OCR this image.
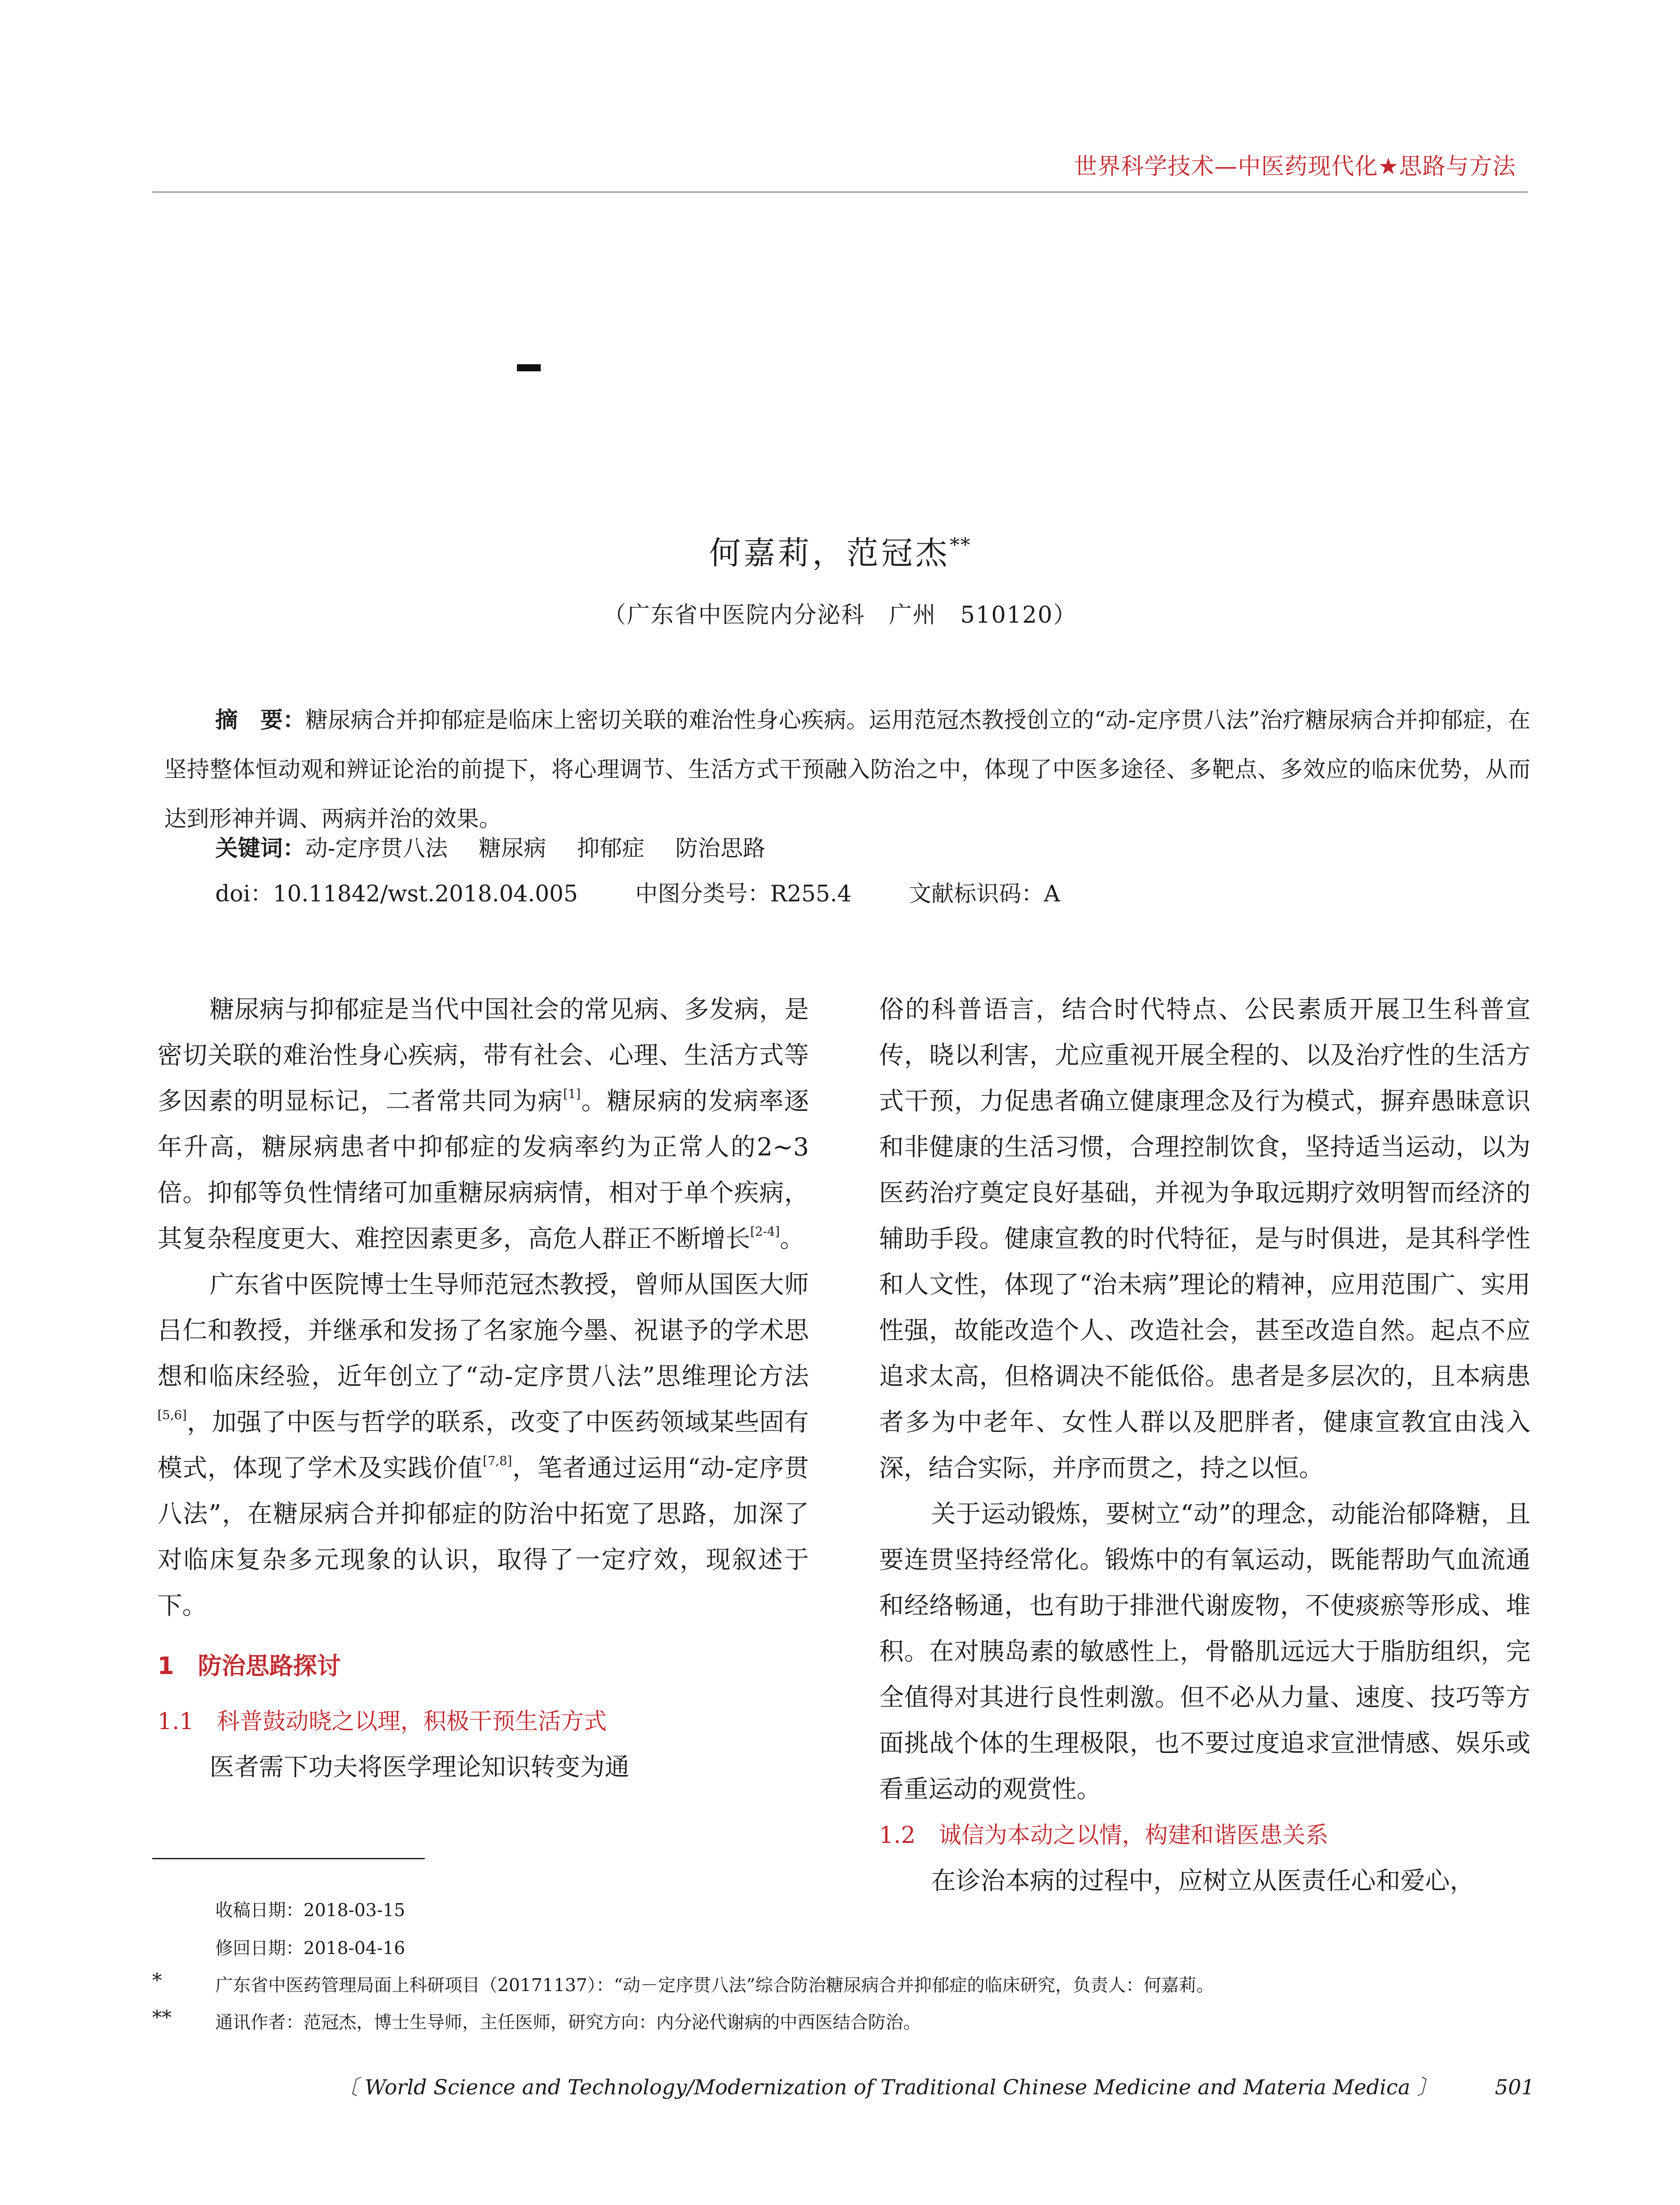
世界科学技术—中医药现代化★思路与方法
何嘉莉，范冠杰**
（广东省中医院内分泌科　广州　510120）
摘　要：糖尿病合并抑郁症是临床上密切关联的难治性身心疾病。运用范冠杰教授创立的“动-定序贯八法”治疗糖尿病合并抑郁症，在坚持整体恒动观和辨证论治的前提下，将心理调节、生活方式干预融入防治之中，体现了中医多途径、多靶点、多效应的临床优势，从而达到形神并调、两病并治的效果。
关键词：动-定序贯八法 糖尿病 抑郁症 防治思路
doi：10.11842/wst.2018.04.005	中图分类号：R255.4	文献标识码：A

糖尿病与抑郁症是当代中国社会的常见病、多发病，是密切关联的难治性身心疾病，带有社会、心理、生活方式等多因素的明显标记，二者常共同为病[1]。糖尿病的发病率逐年升高，糖尿病患者中抑郁症的发病率约为正常人的2~3倍。抑郁等负性情绪可加重糖尿病病情，相对于单个疾病，其复杂程度更大、难控因素更多，高危人群正不断增长[2-4]。

广东省中医院博士生导师范冠杰教授，曾师从国医大师吕仁和教授，并继承和发扬了名家施今墨、祝谌予的学术思想和临床经验，近年创立了“动-定序贯八法”思维理论方法[5,6]，加强了中医与哲学的联系，改变了中医药领域某些固有模式，体现了学术及实践价值[7,8]，笔者通过运用“动-定序贯八法”，在糖尿病合并抑郁症的防治中拓宽了思路，加深了对临床复杂多元现象的认识，取得了一定疗效，现叙述于下。

1　防治思路探讨

1.1　科普鼓动晓之以理，积极干预生活方式

医者需下功夫将医学理论知识转变为通

俗的科普语言，结合时代特点、公民素质开展卫生科普宣传，晓以利害，尤应重视开展全程的、以及治疗性的生活方式干预，力促患者确立健康理念及行为模式，摒弃愚昧意识和非健康的生活习惯，合理控制饮食，坚持适当运动，以为医药治疗奠定良好基础，并视为争取远期疗效明智而经济的辅助手段。健康宣教的时代特征，是与时俱进，是其科学性和人文性，体现了“治未病”理论的精神，应用范围广、实用性强，故能改造个人、改造社会，甚至改造自然。起点不应追求太高，但格调决不能低俗。患者是多层次的，且本病患者多为中老年、女性人群以及肥胖者，健康宣教宜由浅入深，结合实际，并序而贯之，持之以恒。

关于运动锻炼，要树立“动”的理念，动能治郁降糖，且要连贯坚持经常化。锻炼中的有氧运动，既能帮助气血流通和经络畅通，也有助于排泄代谢废物，不使痰瘀等形成、堆积。在对胰岛素的敏感性上，骨骼肌远远大于脂肪组织，完全值得对其进行良性刺激。但不必从力量、速度、技巧等方面挑战个体的生理极限，也不要过度追求宣泄情感、娱乐或看重运动的观赏性。

1.2　诚信为本动之以情，构建和谐医患关系

在诊治本病的过程中，应树立从医责任心和爱心，

收稿日期：2018-03-15
修回日期：2018-04-16
*	广东省中医药管理局面上科研项目（20171137）：“动－定序贯八法”综合防治糖尿病合并抑郁症的临床研究，负责人：何嘉莉。
** 通讯作者：范冠杰，博士生导师，主任医师，研究方向：内分泌代谢病的中西医结合防治。
〔 World Science and Technology/Modernization of Traditional Chinese Medicine and Materia Medica 〕	501
